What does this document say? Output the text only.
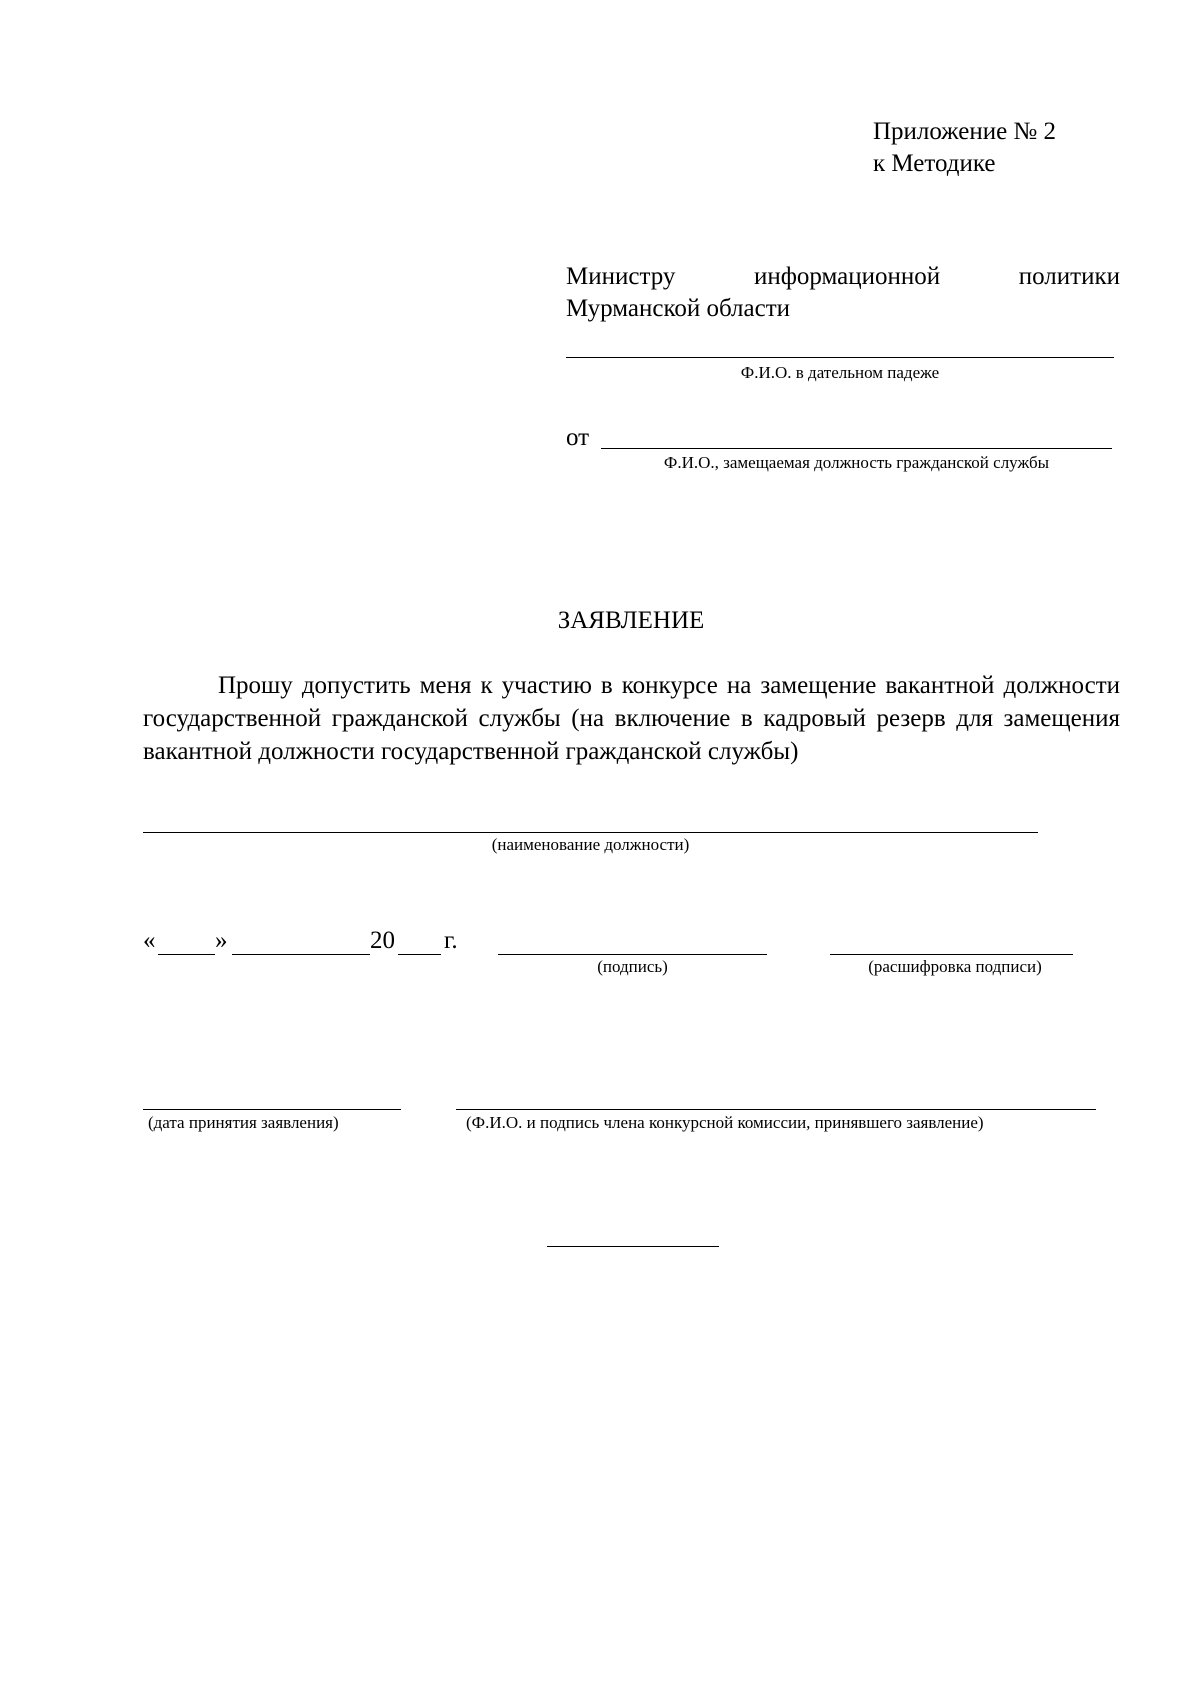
Приложение № 2
к Методике
Министру	информационной	политики
Мурманской области
Ф.И.О. в дательном падеже
от
Ф.И.О., замещаемая должность гражданской службы
ЗАЯВЛЕНИЕ
Прошу допустить меня к участию в конкурсе на замещение вакантной должности государственной гражданской службы (на включение в кадровый резерв для замещения вакантной должности государственной гражданской службы)
(наименование должности)
« »	20 г.
(подпись)	(расшифровка подписи)
(дата принятия заявления)	(Ф.И.О. и подпись члена конкурсной комиссии, принявшего заявление)
